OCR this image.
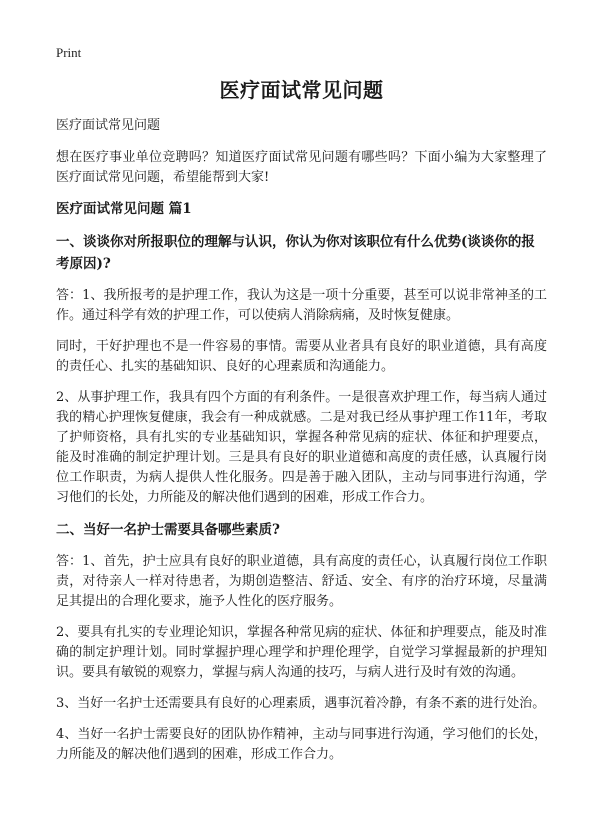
Print
医疗面试常见问题
医疗面试常见问题

想在医疗事业单位竞聘吗？知道医疗面试常见问题有哪些吗？下面小编为大家整理了医疗面试常见问题，希望能帮到大家!

医疗面试常见问题 篇1
一、谈谈你对所报职位的理解与认识，你认为你对该职位有什么优势(谈谈你的报考原因)?

答：1、我所报考的是护理工作，我认为这是一项十分重要，甚至可以说非常神圣的工作。通过科学有效的护理工作，可以使病人消除病痛，及时恢复健康。

同时，干好护理也不是一件容易的事情。需要从业者具有良好的职业道德，具有高度的责任心、扎实的基础知识、良好的心理素质和沟通能力。

2、从事护理工作，我具有四个方面的有利条件。一是很喜欢护理工作，每当病人通过我的精心护理恢复健康，我会有一种成就感。二是对我已经从事护理工作11年，考取了护师资格，具有扎实的专业基础知识，掌握各种常见病的症状、体征和护理要点，能及时准确的制定护理计划。三是具有良好的职业道德和高度的责任感，认真履行岗位工作职责，为病人提供人性化服务。四是善于融入团队，主动与同事进行沟通，学习他们的长处，力所能及的解决他们遇到的困难，形成工作合力。

二、当好一名护士需要具备哪些素质?

答：1、首先，护士应具有良好的职业道德，具有高度的责任心，认真履行岗位工作职责，对待亲人一样对待患者，为期创造整洁、舒适、安全、有序的治疗环境，尽量满足其提出的合理化要求，施予人性化的医疗服务。

2、要具有扎实的专业理论知识，掌握各种常见病的症状、体征和护理要点，能及时准确的制定护理计划。同时掌握护理心理学和护理伦理学，自觉学习掌握最新的护理知识。要具有敏锐的观察力，掌握与病人沟通的技巧，与病人进行及时有效的沟通。

3、当好一名护士还需要具有良好的心理素质，遇事沉着冷静，有条不紊的进行处治。

4、当好一名护士需要良好的团队协作精神，主动与同事进行沟通，学习他们的长处，力所能及的解决他们遇到的困难，形成工作合力。
